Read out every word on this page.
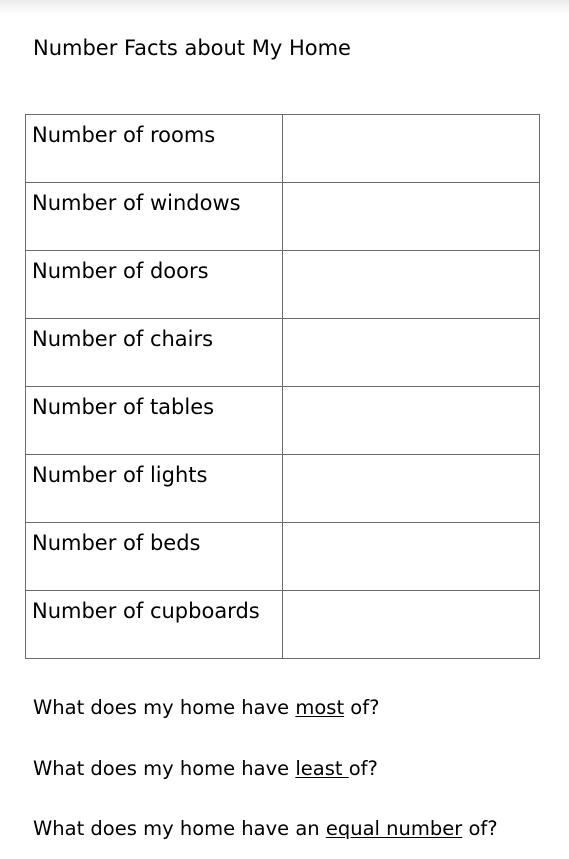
Number Facts about My Home
Number of rooms	

Number of windows	

Number of doors	

Number of chairs	

Number of tables	

Number of lights	

Number of beds	

Number of cupboards	

What does my home have most of?
What does my home have least of?
What does my home have an equal number of?
